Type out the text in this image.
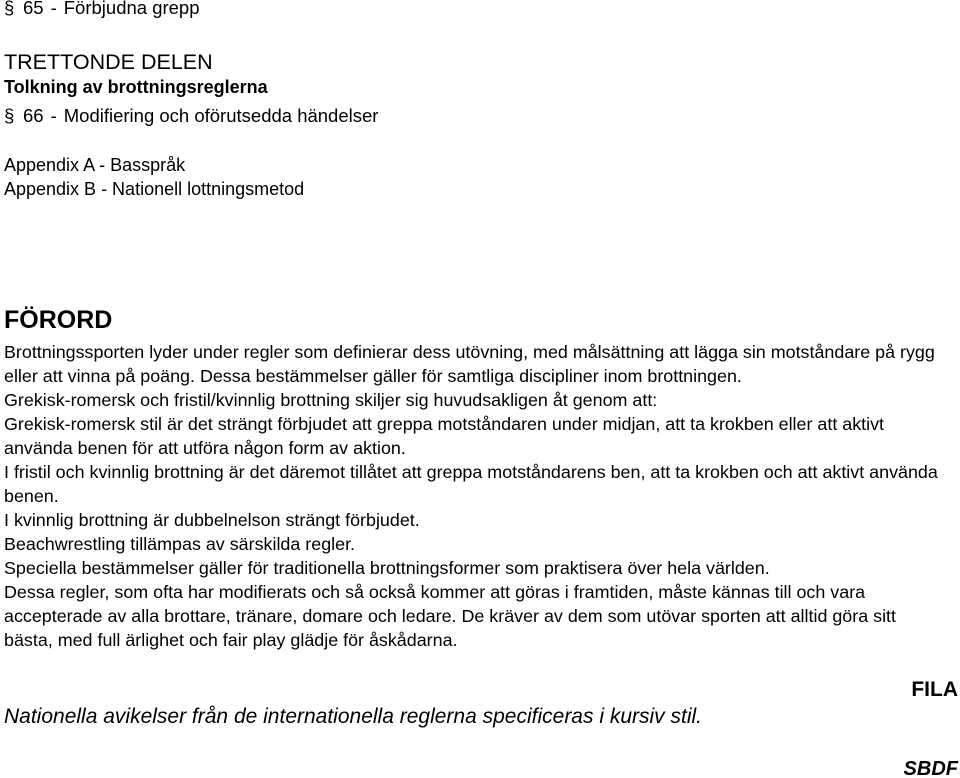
§ 65 - Förbjudna grepp
TRETTONDE DELEN
Tolkning av brottningsreglerna
§ 66 - Modifiering och oförutsedda händelser
Appendix A - Basspråk
Appendix B - Nationell lottningsmetod
FÖRORD
Brottningssporten lyder under regler som definierar dess utövning, med målsättning att lägga sin motståndare på rygg
eller att vinna på poäng. Dessa bestämmelser gäller för samtliga discipliner inom brottningen.
Grekisk-romersk och fristil/kvinnlig brottning skiljer sig huvudsakligen åt genom att:
Grekisk-romersk stil är det strängt förbjudet att greppa motståndaren under midjan, att ta krokben eller att aktivt
använda benen för att utföra någon form av aktion.
I fristil och kvinnlig brottning är det däremot tillåtet att greppa motståndarens ben, att ta krokben och att aktivt använda
benen.
I kvinnlig brottning är dubbelnelson strängt förbjudet.
Beachwrestling tillämpas av särskilda regler.
Speciella bestämmelser gäller för traditionella brottningsformer som praktisera över hela världen.
Dessa regler, som ofta har modifierats och så också kommer att göras i framtiden, måste kännas till och vara
accepterade av alla brottare, tränare, domare och ledare. De kräver av dem som utövar sporten att alltid göra sitt
bästa, med full ärlighet och fair play glädje för åskådarna.
FILA
Nationella avikelser från de internationella reglerna specificeras i kursiv stil.
SBDF
